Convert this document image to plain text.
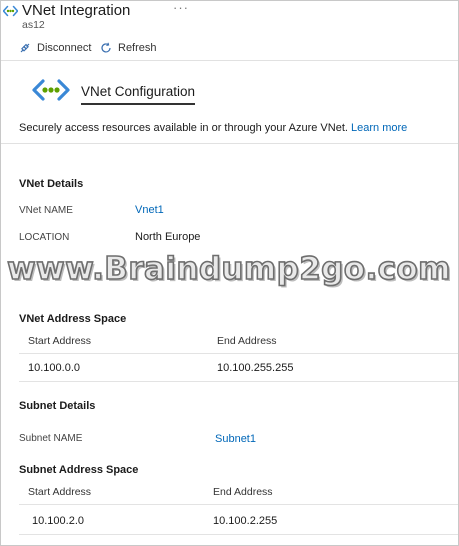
VNet Integration	···
as12
Disconnect Refresh
VNet Configuration
Securely access resources available in or through your Azure VNet. Learn more
VNet Details
VNet NAME	Vnet1
LOCATION	North Europe
www.Braindump2go.com
VNet Address Space
Start Address	End Address
10.100.0.0	10.100.255.255
Subnet Details
Subnet NAME	Subnet1
Subnet Address Space
Start Address	End Address
10.100.2.0	10.100.2.255
